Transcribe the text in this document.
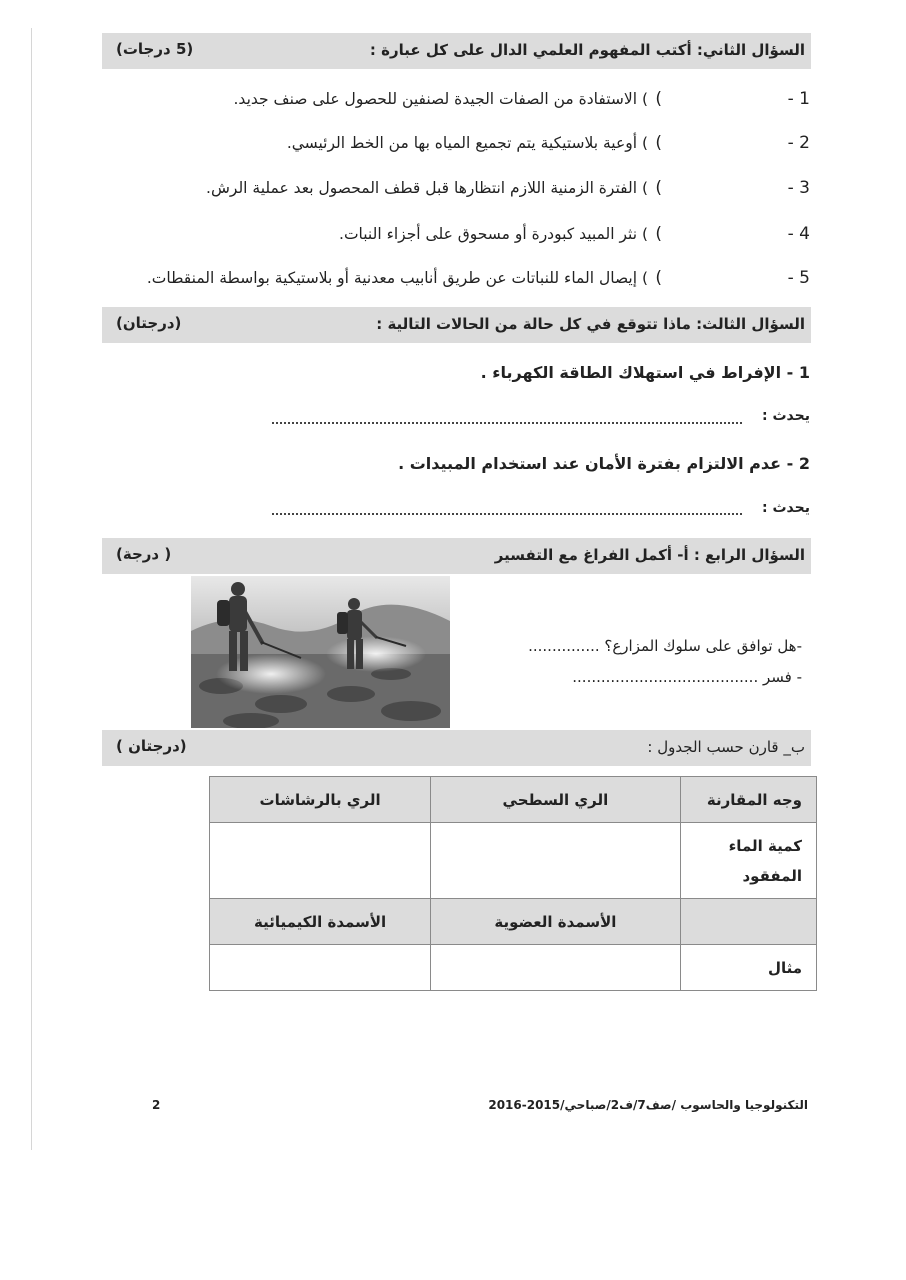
السؤال الثاني: أكتب المفهوم العلمي الدال على كل عبارة :
(5 درجات)
1 -
(
) الاستفادة من الصفات الجيدة لصنفين للحصول على صنف جديد.
2 -
(
) أوعية بلاستيكية يتم تجميع المياه بها من الخط الرئيسي.
3 -
(
) الفترة الزمنية اللازم انتظارها قبل قطف المحصول بعد عملية الرش.
4 -
(
) نثر المبيد كبودرة أو مسحوق على أجزاء النبات.
5 -
(
) إيصال الماء للنباتات عن طريق أنابيب معدنية أو بلاستيكية بواسطة المنقطات.
السؤال الثالث: ماذا تتوقع في كل حالة من الحالات التالية :
(درجتان)
1 - الإفراط في استهلاك الطاقة الكهرباء .
يحدث :
2 - عدم الالتزام بفترة الأمان عند استخدام المبيدات .
يحدث :
السؤال الرابع : أ- أكمل الفراغ مع التفسير
( درجة)
-هل توافق على سلوك المزارع؟ ...............
- فسر .......................................
ب_ قارن حسب الجدول :
(درجتان )
وجه المقارنة	الري السطحي	الري بالرشاشات
كمية الماء المفقود		
	الأسمدة العضوية	الأسمدة الكيميائية
مثال		
التكنولوجيا والحاسوب /صف7/ف2/صباحي/2015-2016
2
